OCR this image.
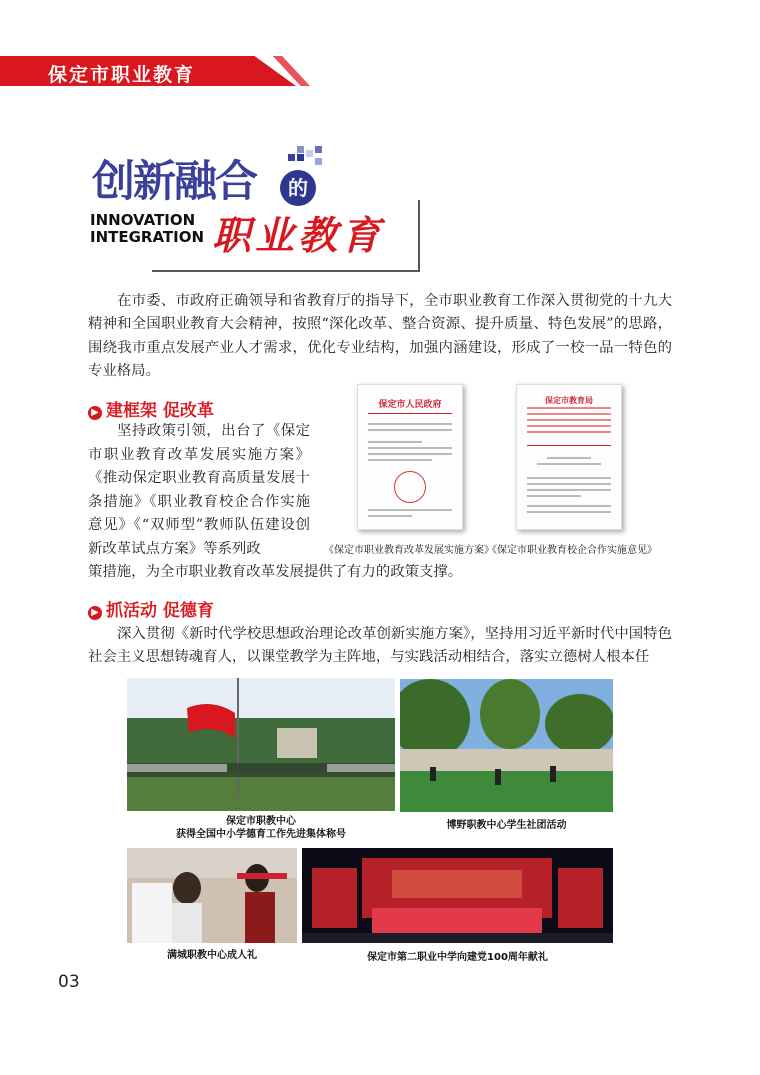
保定市职业教育
创新融合	的
INNOVATION
INTEGRATION 职业教育
在市委、市政府正确领导和省教育厅的指导下，全市职业教育工作深入贯彻党的十九大精神和全国职业教育大会精神，按照“深化改革、整合资源、提升质量、特色发展”的思路，围绕我市重点发展产业人才需求，优化专业结构，加强内涵建设，形成了一校一品一特色的专业格局。
▶ 建框架 促改革
坚持政策引领，出台了《保定市职业教育改革发展实施方案》《推动保定职业教育高质量发展十条措施》《职业教育校企合作实施意见》《“双师型”教师队伍建设创新改革试点方案》等系列政
策措施，为全市职业教育改革发展提供了有力的政策支撑。
保定市人民政府	保定市教育局
《保定市职业教育改革发展实施方案》
《保定市职业教育校企合作实施意见》
▶ 抓活动 促德育
深入贯彻《新时代学校思想政治理论改革创新实施方案》，坚持用习近平新时代中国特色社会主义思想铸魂育人，以课堂教学为主阵地，与实践活动相结合，落实立德树人根本任
保定市职教中心
获得全国中小学德育工作先进集体称号
博野职教中心学生社团活动
满城职教中心成人礼	保定市第二职业中学向建党100周年献礼
03
